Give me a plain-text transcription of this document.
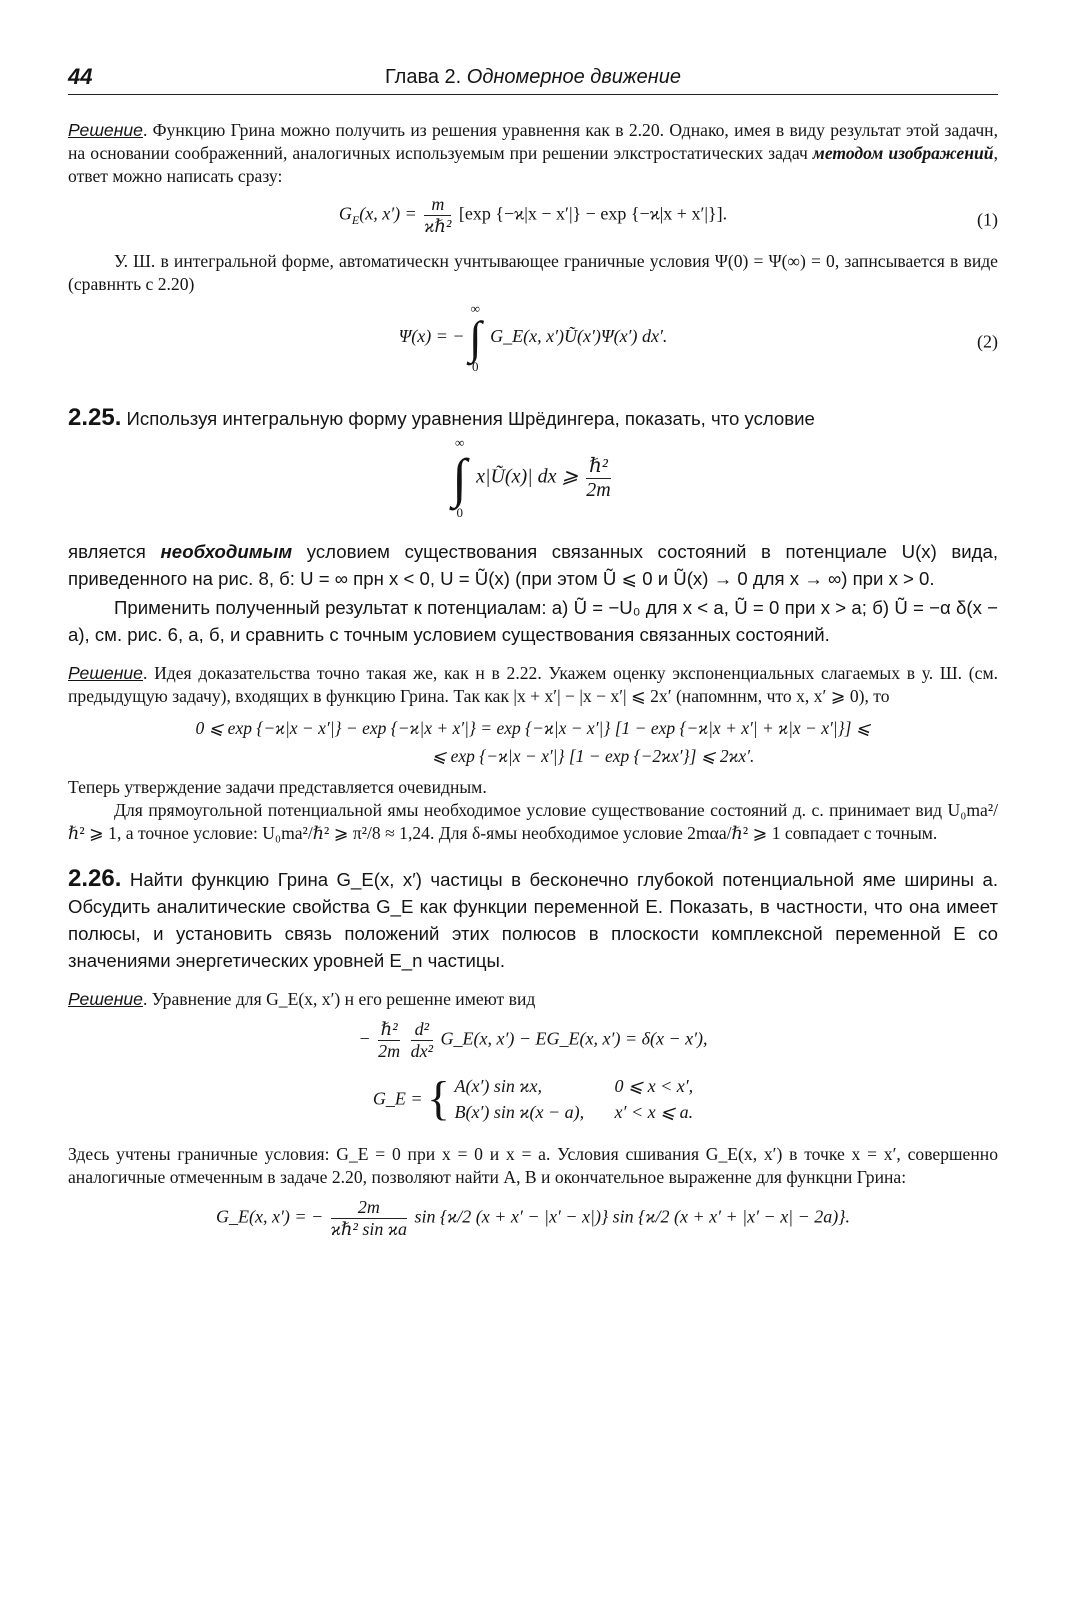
44	Глава 2. Одномерное движение

Решение. Функцию Грина можно получить из решения уравнення как в 2.20. Однако, имея в виду результат этой задачн, на основании соображенний, аналогичных используемым при решении элкстростатических задач методом изображений, ответ можно написать сразу:

$G_E(x$, $x') = \frac{m}{\text{ϰℏ²}} [\exp$ {−ϰ|x − x′|} − exp {−ϰ|x + x′|}].	(1)

У. Ш. в интегральной форме, автоматическн учнтывающее граничные условия Ψ(0) = Ψ(∞) = 0, запнсывается в виде (сравннть с 2.20)

Ψ(x) = −
∞
∫
0
G_E(x, x′)Ũ(x′)Ψ(x′) dx′.	(2)

2.25. Используя интегральную форму уравнения Шрёдингера, показать, что условие

∞
∫
0
x|Ũ(x)| dx ⩾ $\frac{\text{ℏ²}}{2m}$

является необходимым условием существования связанных состояний в потенциале U(x) вида, приведенного на рис. 8, б: U = ∞ прн x < 0, U = Ũ(x) (при этом Ũ ⩽ 0 и Ũ(x) → 0 для x → ∞) при x > 0.

Применить полученный результат к потенциалам: а) Ũ = −U₀ для x < a, Ũ = 0 при x > a; б) Ũ = −α δ(x − a), см. рис. 6, а, б, и сравнить с точным условием существования связанных состояний.

Решение. Идея доказательства точно такая же, как н в 2.22. Укажем оценку экспоненциальных слагаемых в у. Ш. (см. предыдущую задачу), входящих в функцию Грина. Так как |x + x′| − |x − x′| ⩽ 2x′ (напомннм, что x, x′ ⩾ 0), то

0 ⩽ exp {−ϰ|x − x′|} − exp {−ϰ|x + x′|} = exp {−ϰ|x − x′|} [1 − exp {−ϰ|x + x′| + ϰ|x − x′|}] ⩽
⩽ exp {−ϰ|x − x′|} [1 − exp {−2ϰx′}] ⩽ 2ϰx′.

Теперь утверждение задачи представляется очевидным.

Для прямоугольной потенциальной ямы необходимое условие существование состояний д. с. принимает вид U₀ma²/ℏ² ⩾ 1, а точное условие: U₀ma²/ℏ² ⩾ π²/8 ≈ 1,24. Для δ-ямы необходимое условие 2mαa/ℏ² ⩾ 1 совпадает с точным.

2.26. Найти функцию Грина G_E(x, x′) частицы в бесконечно глубокой потенциальной яме ширины a. Обсудить аналитические свойства G_E как функции переменной E. Показать, в частности, что она имеет полюсы, и установить связь положений этих полюсов в плоскости комплексной переменной E со значениями энергетических уровней E_n частицы.

Решение. Уравнение для G_E(x, x′) н его решенне имеют вид

− $\frac{\text{ℏ²}}{2m}$
$\frac{\text{d²}}{\text{dx²}}$ G_E(x, x′) − EG_E(x, x′) = δ(x − x′),
G_E = { A(x′) sin ϰx,	0 ⩽ x < x′,
B(x′) sin ϰ(x − a), x′ < x ⩽ a.

Здесь учтены граничные условия: G_E = 0 при x = 0 и x = a. Условия сшивания G_E(x, x′) в точке x = x′, совершенно аналогичные отмеченным в задаче 2.20, позволяют найти A, B и окончательное выраженне для функцни Грина:

G_E(x, x′) = − $\frac{2m}{\text{ϰℏ² sin ϰa}}$ sin {ϰ/2 (x + x′ − |x′ − x|)} sin {ϰ/2 (x + x′ + |x′ − x| − 2a)}.
